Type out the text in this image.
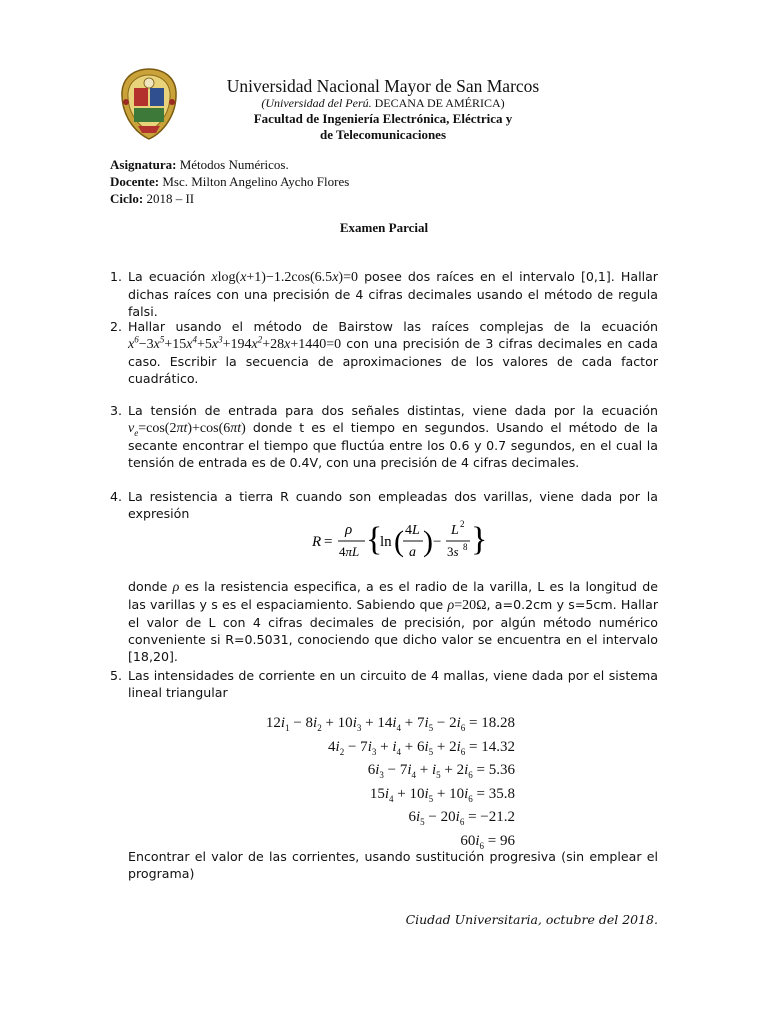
Universidad Nacional Mayor de San Marcos
(Universidad del Perú. DECANA DE AMÉRICA)
Facultad de Ingeniería Electrónica, Eléctrica y
de Telecomunicaciones
Asignatura: Métodos Numéricos.
Docente: Msc. Milton Angelino Aycho Flores
Ciclo: 2018 – II
Examen Parcial
1. La ecuación xlog(x+1)−1.2cos(6.5x)=0 posee dos raíces en el intervalo [0,1]. Hallar dichas raíces con una precisión de 4 cifras decimales usando el método de regula falsi.
2. Hallar usando el método de Bairstow las raíces complejas de la ecuación $x^6-3x^5+15x^4+5x^3+194x^2+28x+1440=0$ con una precisión de 3 cifras decimales en cada caso. Escribir la secuencia de aproximaciones de los valores de cada factor cuadrático.
3. La tensión de entrada para dos señales distintas, viene dada por la ecuación $v_e=\cos(2\pi t)+\cos(6\pi t)$ donde t es el tiempo en segundos. Usando el método de la secante encontrar el tiempo que fluctúa entre los 0.6 y 0.7 segundos, en el cual la tensión de entrada es de 0.4V, con una precisión de 4 cifras decimales.
4. La resistencia a tierra R cuando son empleadas dos varillas, viene dada por la expresión
R =
ρ
4πL {
ln ( 4L
a ) −
L 2
3s 8 }
donde ρ es la resistencia especifica, a es el radio de la varilla, L es la longitud de las varillas y s es el espaciamiento. Sabiendo que ρ=20Ω, a=0.2cm y s=5cm. Hallar el valor de L con 4 cifras decimales de precisión, por algún método numérico conveniente si R=0.5031, conociendo que dicho valor se encuentra en el intervalo [18,20].
5. Las intensidades de corriente en un circuito de 4 mallas, viene dada por el sistema lineal triangular
$12i_1 - 8i_2 + 10i_3 + 14i_4 + 7i_5 - 2i_6 = 18.28$
$4i_2 - 7i_3 + i_4 + 6i_5 + 2i_6 = 14.32$
$6i_3 - 7i_4 + i_5 + 2i_6 = 5.36$
$15i_4 + 10i_5 + 10i_6 = 35.8$
$6i_5 - 20i_6 = -21.2$
$60i_6 = 96$
Encontrar el valor de las corrientes, usando sustitución progresiva (sin emplear el programa)
Ciudad Universitaria, octubre del 2018.
